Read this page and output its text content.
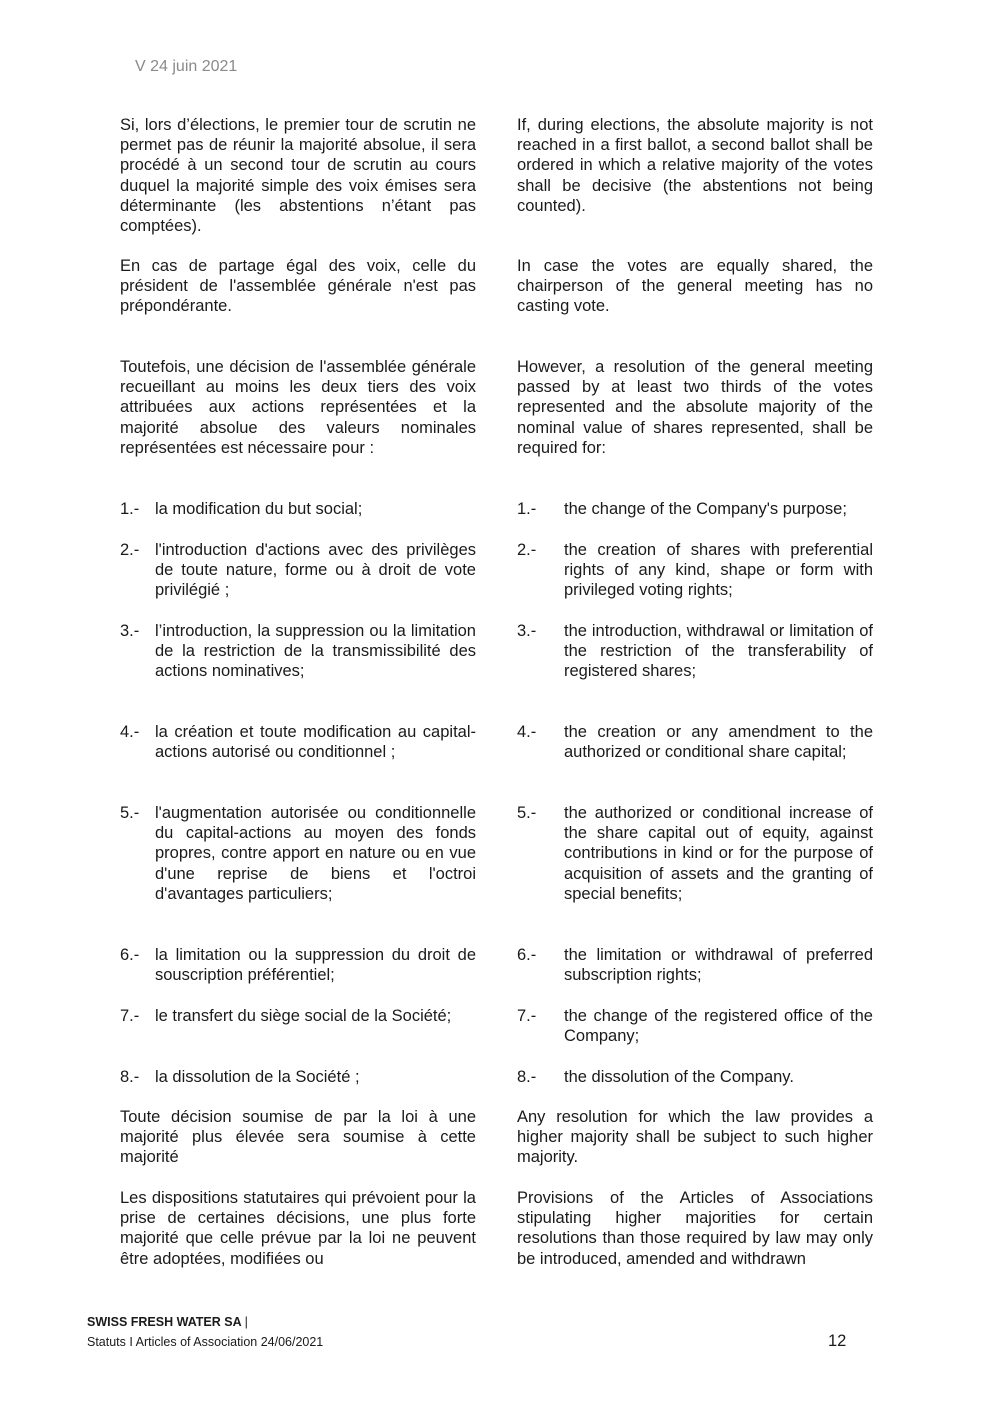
V 24 juin 2021

Si, lors d’élections, le premier tour de scrutin ne permet pas de réunir la majorité absolue, il sera procédé à un second tour de scrutin au cours duquel la majorité simple des voix émises sera déterminante (les abstentions n’étant pas comptées).

En cas de partage égal des voix, celle du président de l'assemblée générale n'est pas prépondérante.

Toutefois, une décision de l'assemblée générale recueillant au moins les deux tiers des voix attribuées aux actions représentées et la majorité absolue des valeurs nominales représentées est nécessaire pour :

1.- la modification du but social;
2.- l'introduction d'actions avec des privilèges de toute nature, forme ou à droit de vote privilégié ;
3.- l’introduction, la suppression ou la limitation de la restriction de la transmissibilité des actions nominatives;
4.- la création et toute modification au capital-actions autorisé ou conditionnel ;
5.- l'augmentation autorisée ou conditionnelle du capital-actions au moyen des fonds propres, contre apport en nature ou en vue d'une reprise de biens et l'octroi d'avantages particuliers;
6.- la limitation ou la suppression du droit de souscription préférentiel;
7.- le transfert du siège social de la Société;
8.- la dissolution de la Société ;

Toute décision soumise de par la loi à une majorité plus élevée sera soumise à cette majorité

Les dispositions statutaires qui prévoient pour la prise de certaines décisions, une plus forte majorité que celle prévue par la loi ne peuvent être adoptées, modifiées ou

If, during elections, the absolute majority is not reached in a first ballot, a second ballot shall be ordered in which a relative majority of the votes shall be decisive (the abstentions not being counted).

In case the votes are equally shared, the chairperson of the general meeting has no casting vote.

However, a resolution of the general meeting passed by at least two thirds of the votes represented and the absolute majority of the nominal value of shares represented, shall be required for:

1.-	the change of the Company's purpose;
2.-	the creation of shares with preferential rights of any kind, shape or form with privileged voting rights;
3.-	the introduction, withdrawal or limitation of the restriction of the transferability of registered shares;
4.-	the creation or any amendment to the authorized or conditional share capital;
5.-	the authorized or conditional increase of the share capital out of equity, against contributions in kind or for the purpose of acquisition of assets and the granting of special benefits;
6.-	the limitation or withdrawal of preferred subscription rights;
7.-	the change of the registered office of the Company;
8.-	the dissolution of the Company.

Any resolution for which the law provides a higher majority shall be subject to such higher majority.

Provisions of the Articles of Associations stipulating higher majorities for certain resolutions than those required by law may only be introduced, amended and withdrawn

SWISS FRESH WATER SA |
Statuts I Articles of Association 24/06/2021	12
